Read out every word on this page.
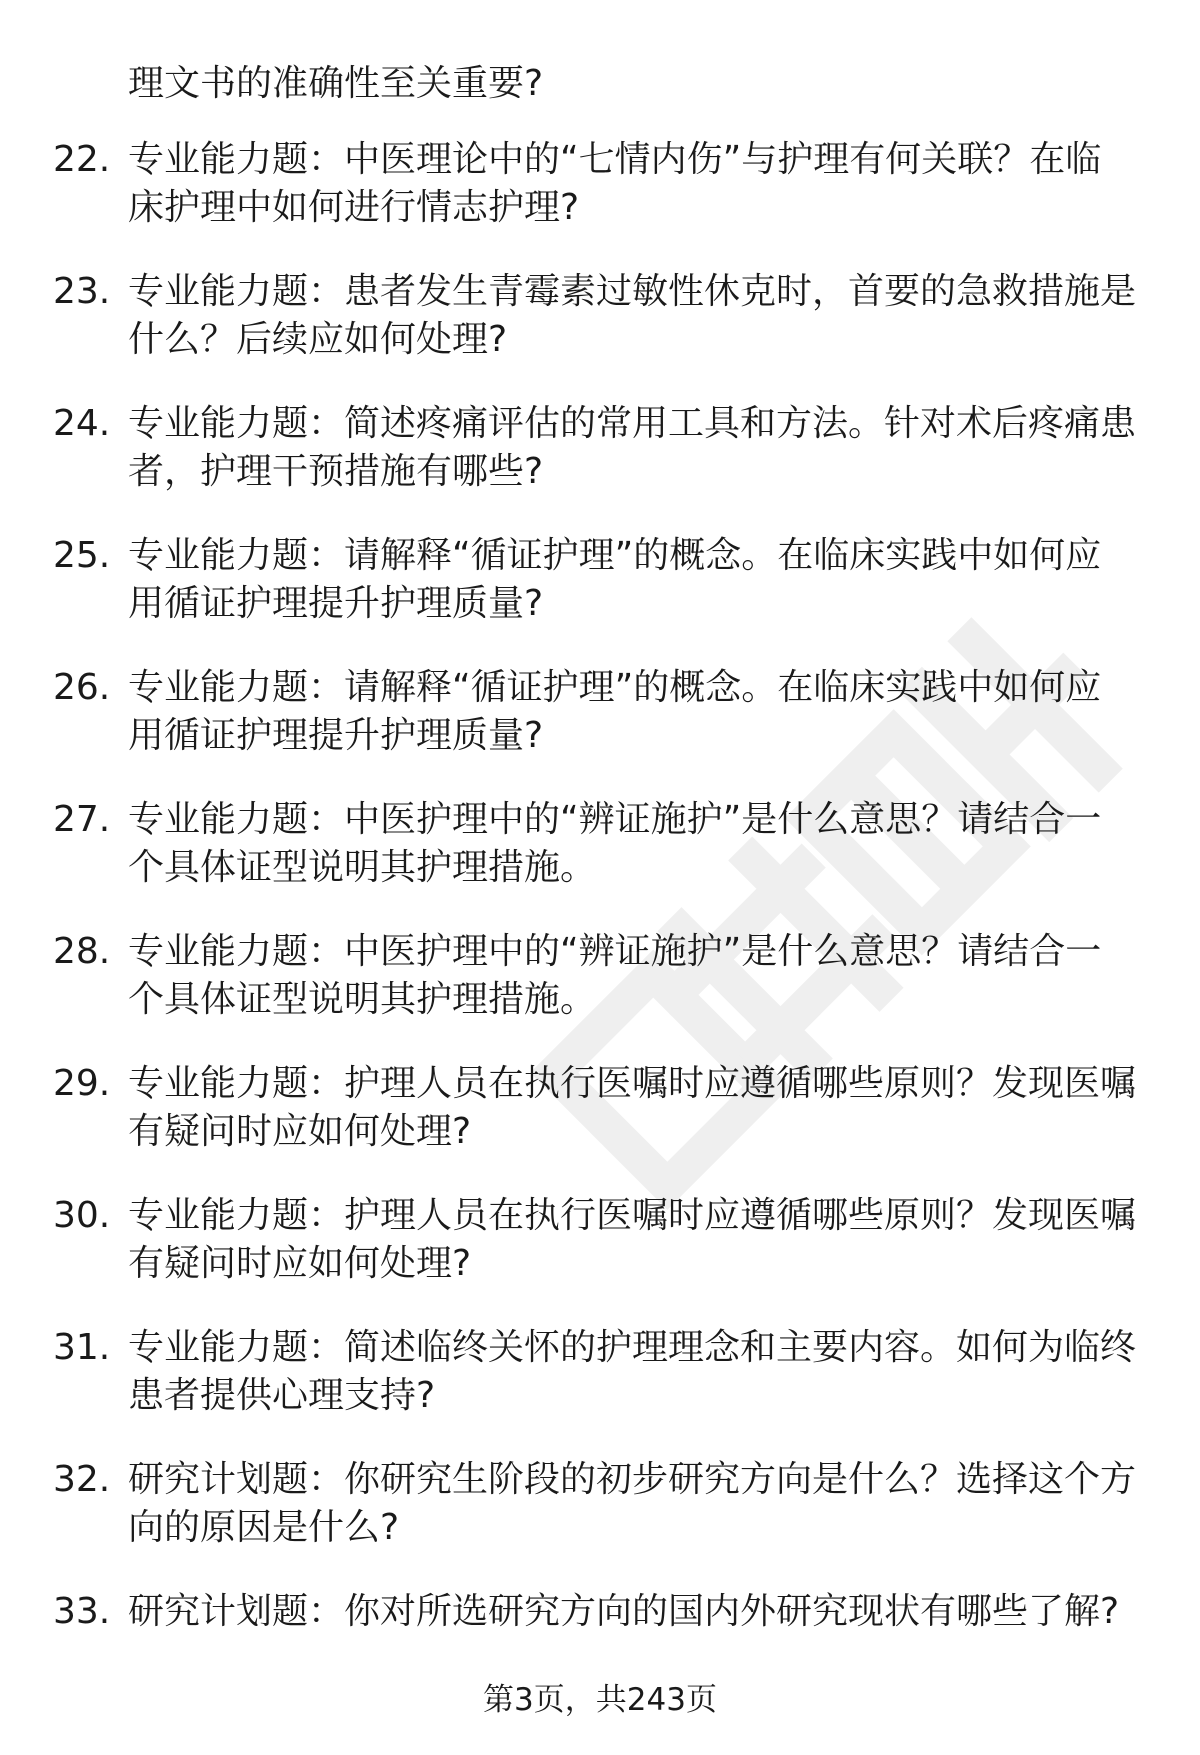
理文书的准确性至关重要?
22. 专业能力题：中医理论中的“七情内伤”与护理有何关联？在临
床护理中如何进行情志护理?
23. 专业能力题：患者发生青霉素过敏性休克时，首要的急救措施是
什么？后续应如何处理?
24. 专业能力题：简述疼痛评估的常用工具和方法。针对术后疼痛患
者，护理干预措施有哪些?
25. 专业能力题：请解释“循证护理”的概念。在临床实践中如何应
用循证护理提升护理质量?
26. 专业能力题：请解释“循证护理”的概念。在临床实践中如何应
用循证护理提升护理质量?
27. 专业能力题：中医护理中的“辨证施护”是什么意思？请结合一
个具体证型说明其护理措施。
28. 专业能力题：中医护理中的“辨证施护”是什么意思？请结合一
个具体证型说明其护理措施。
29. 专业能力题：护理人员在执行医嘱时应遵循哪些原则？发现医嘱
有疑问时应如何处理?
30. 专业能力题：护理人员在执行医嘱时应遵循哪些原则？发现医嘱
有疑问时应如何处理?
31. 专业能力题：简述临终关怀的护理理念和主要内容。如何为临终
患者提供心理支持?
32. 研究计划题：你研究生阶段的初步研究方向是什么？选择这个方
向的原因是什么?
33. 研究计划题：你对所选研究方向的国内外研究现状有哪些了解?
第3页，共243页
